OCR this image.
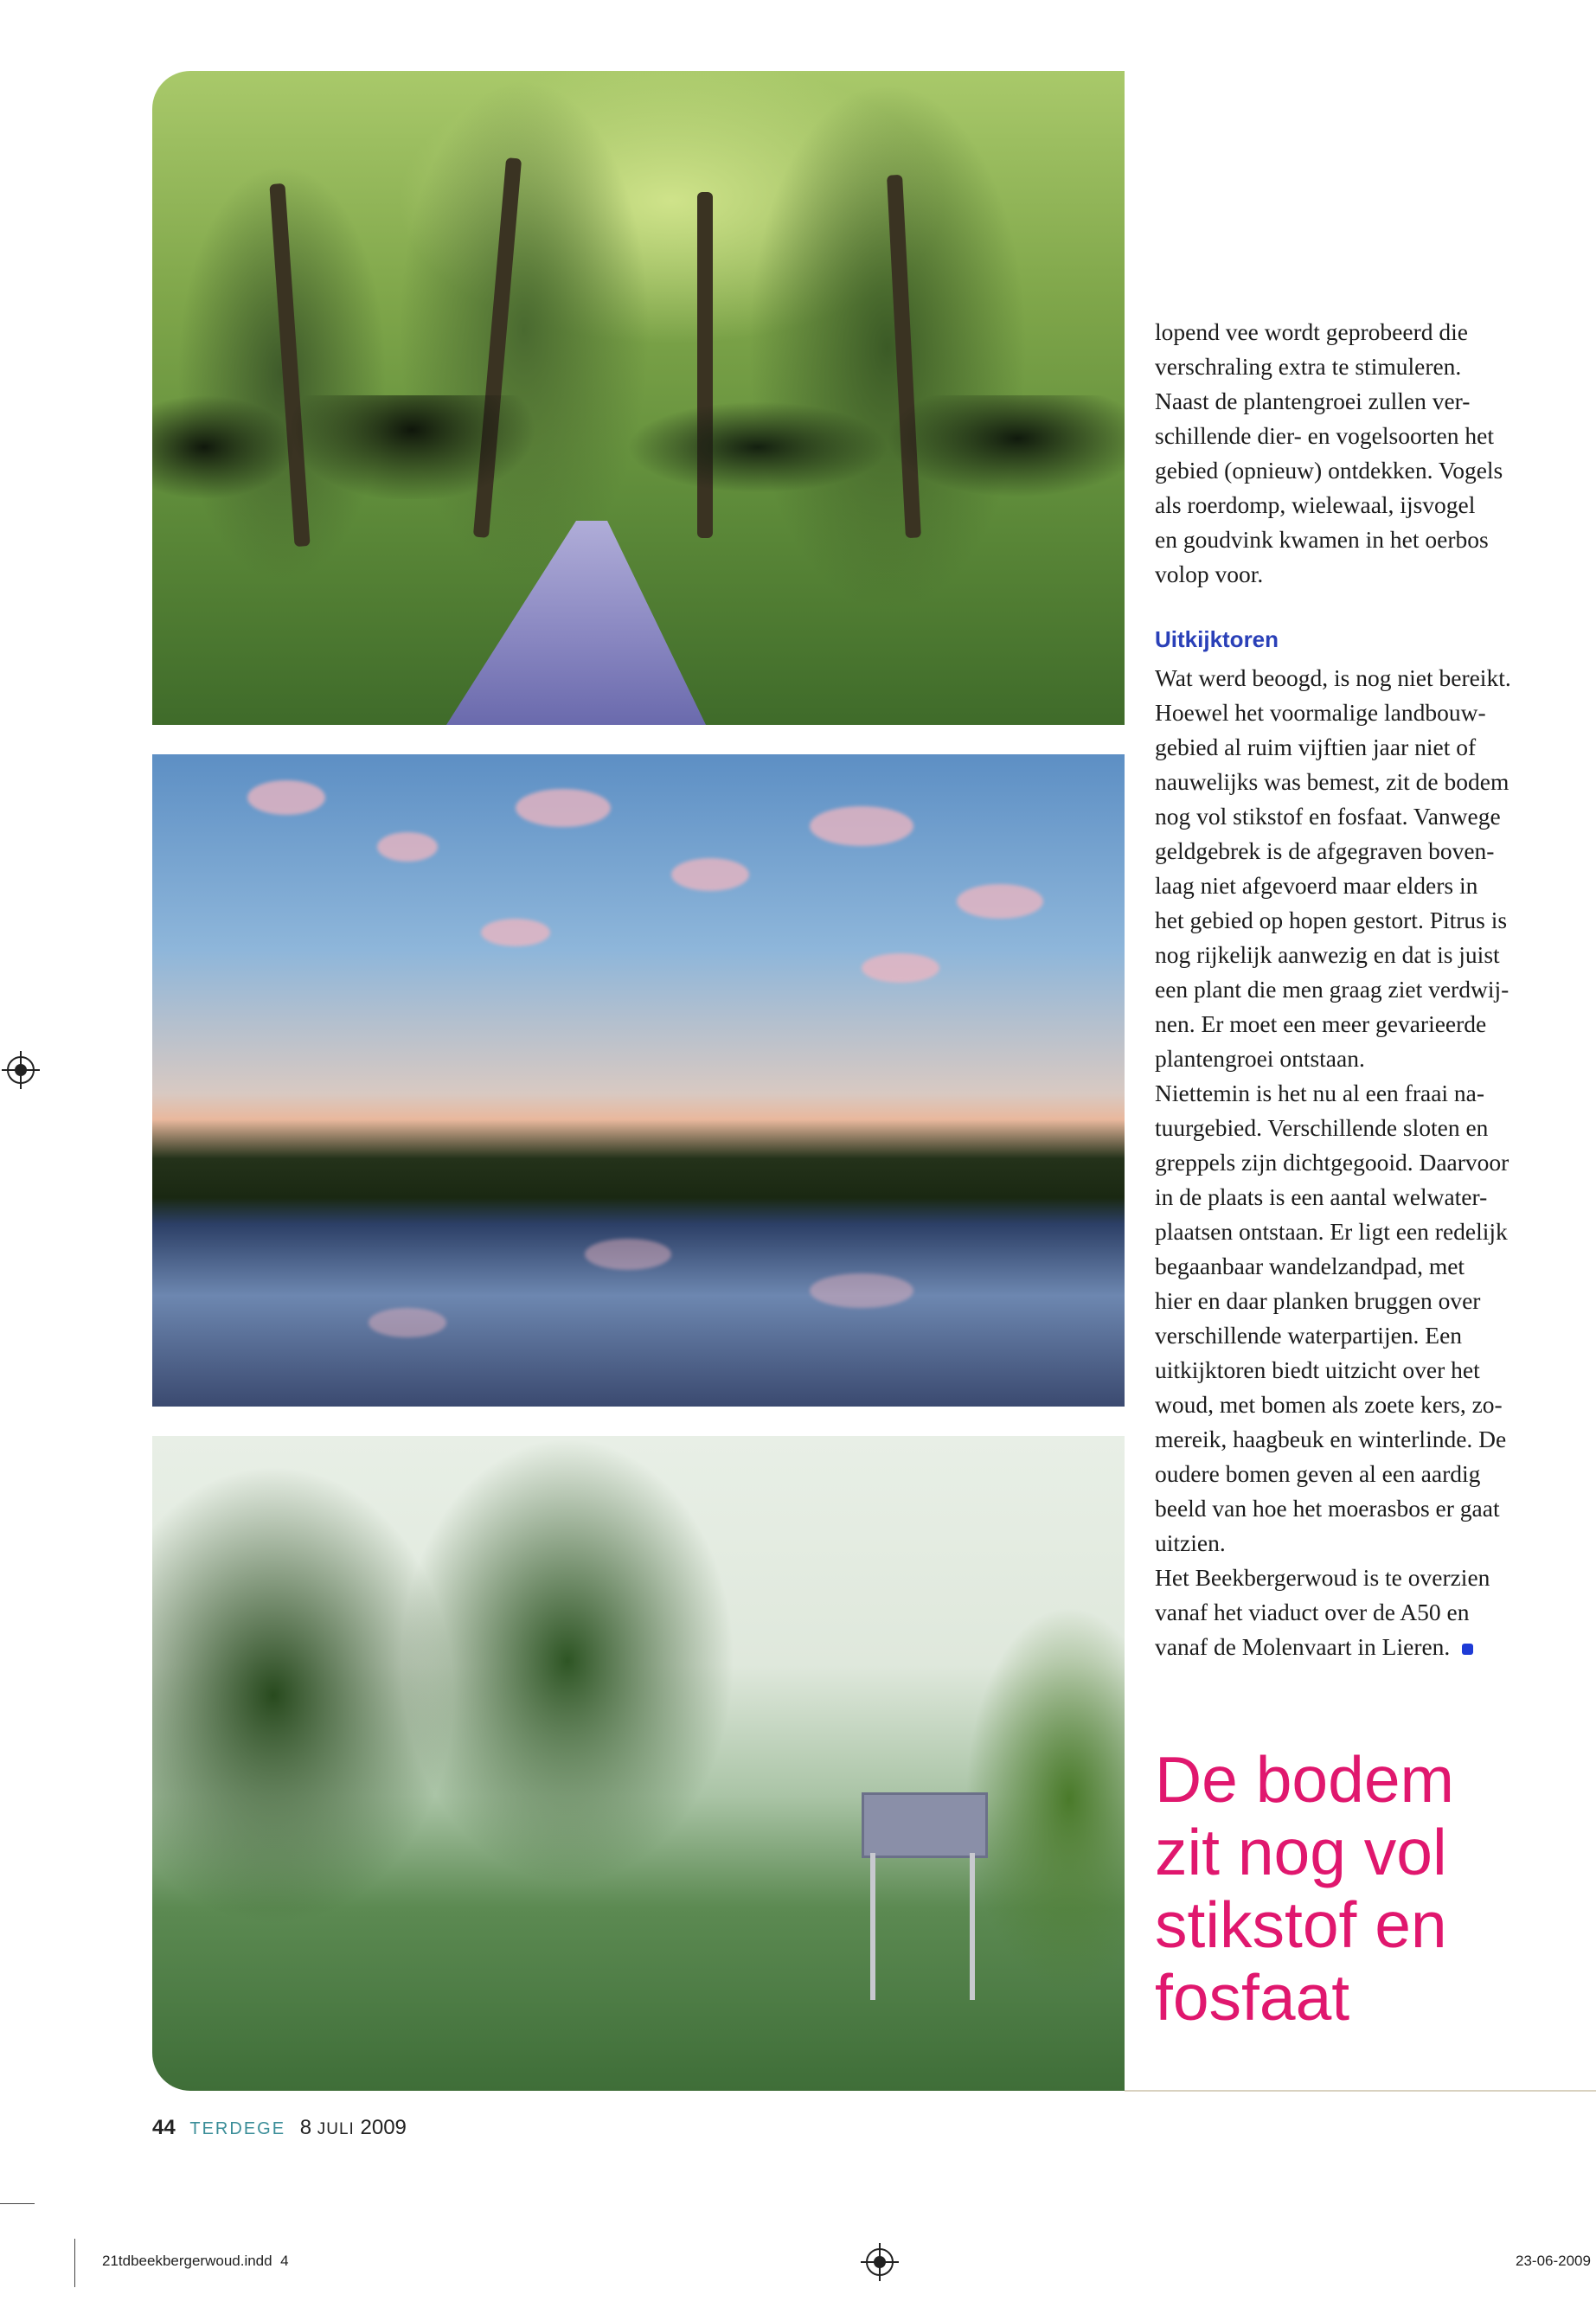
lopend vee wordt geprobeerd die
verschraling extra te stimuleren.
Naast de plantengroei zullen ver-
schillende dier- en vogelsoorten het
gebied (opnieuw) ontdekken. Vogels
als roerdomp, wielewaal, ijsvogel
en goudvink kwamen in het oerbos
volop voor.

Uitkijktoren

Wat werd beoogd, is nog niet bereikt.
Hoewel het voormalige landbouw-
gebied al ruim vijftien jaar niet of
nauwelijks was bemest, zit de bodem
nog vol stikstof en fosfaat. Vanwege
geldgebrek is de afgegraven boven-
laag niet afgevoerd maar elders in
het gebied op hopen gestort. Pitrus is
nog rijkelijk aanwezig en dat is juist
een plant die men graag ziet verdwij-
nen. Er moet een meer gevarieerde
plantengroei ontstaan.
Niettemin is het nu al een fraai na-
tuurgebied. Verschillende sloten en
greppels zijn dichtgegooid. Daarvoor
in de plaats is een aantal welwater-
plaatsen ontstaan. Er ligt een redelijk
begaanbaar wandelzandpad, met
hier en daar planken bruggen over
verschillende waterpartijen. Een
uitkijktoren biedt uitzicht over het
woud, met bomen als zoete kers, zo-
mereik, haagbeuk en winterlinde. De
oudere bomen geven al een aardig
beeld van hoe het moerasbos er gaat
uitzien.
Het Beekbergerwoud is te overzien
vanaf het viaduct over de A50 en
vanaf de Molenvaart in Lieren.

De bodem
zit nog vol
stikstof en
fosfaat
44 TERDEGE 8 JULI 2009
21tdbeekbergerwoud.indd 4	23-06-2009
